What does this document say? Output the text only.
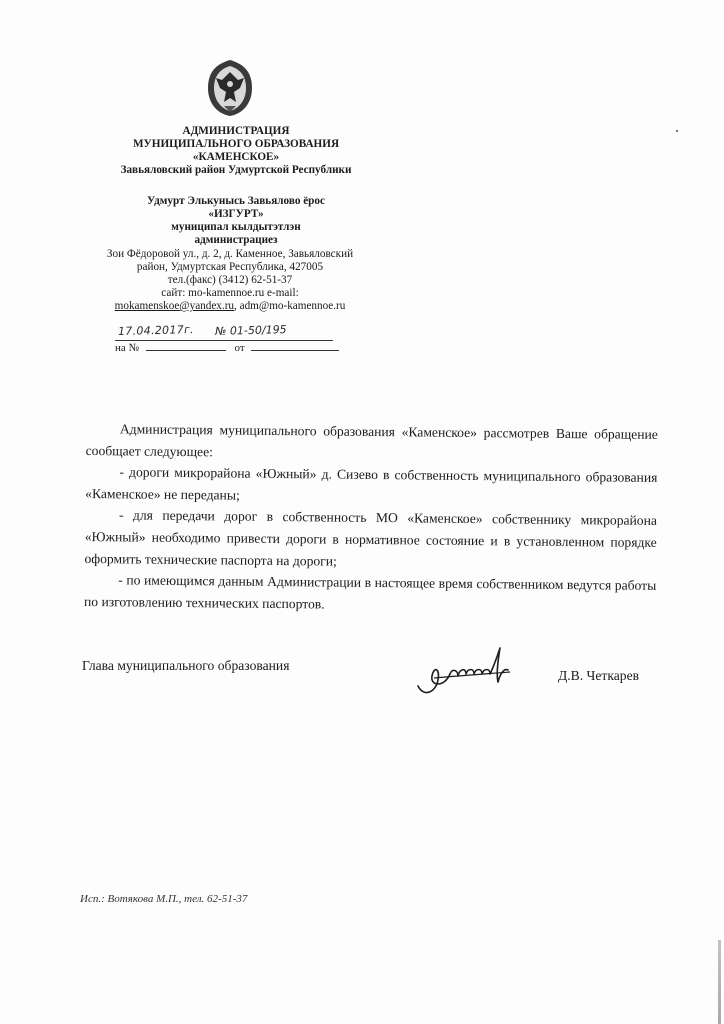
АДМИНИСТРАЦИЯ
МУНИЦИПАЛЬНОГО ОБРАЗОВАНИЯ
«КАМЕНСКОЕ»
Завьяловский район Удмуртской Республики
Удмурт Элькунысь Завьялово ёрос
«ИЗГУРТ»
муниципал кылдытэтлэн
администрациез
Зои Фёдоровой ул., д. 2, д. Каменное, Завьяловский
район, Удмуртская Республика, 427005
тел.(факс) (3412) 62-51-37
сайт: mo-kamennoe.ru e-mail:
mokamenskoe@yandex.ru, adm@mo-kamennoe.ru
17.04.2017г. № 01-50/195
на №	от

Администрация муниципального образования «Каменское» рассмотрев Ваше обращение сообщает следующее:

- дороги микрорайона «Южный» д. Сизево в собственность муниципального образования «Каменское» не переданы;

- для передачи дорог в собственность МО «Каменское» собственнику микрорайона «Южный» необходимо привести дороги в нормативное состояние и в установленном порядке оформить технические паспорта на дороги;

- по имеющимся данным Администрации в настоящее время собственником ведутся работы по изготовлению технических паспортов.

Глава муниципального образования
Д.В. Четкарев
Исп.: Вотякова М.П., тел. 62-51-37
